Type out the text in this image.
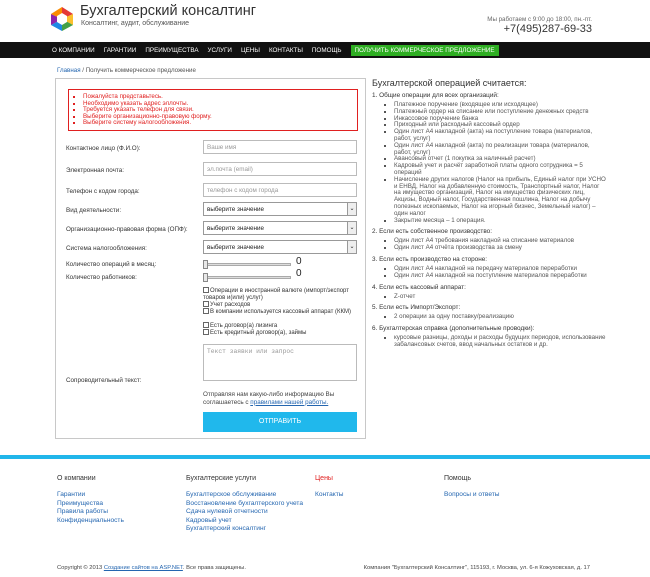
Бухгалтерский консалтинг
Консалтинг, аудит, обслуживание
Мы работаем с 9:00 до 18:00, пн.-пт.
+7(495)287-69-33
О КОМПАНИИ ГАРАНТИИ ПРЕИМУЩЕСТВА УСЛУГИ ЦЕНЫ КОНТАКТЫ ПОМОЩЬ	ПОЛУЧИТЬ КОММЕРЧЕСКОЕ ПРЕДЛОЖЕНИЕ
Главная / Получить коммерческое предложение
▪ Пожалуйста представьтесь.
▪ Необходимо указать адрес эллочты.
▪ Требуется указать телефон для связи.
▪ Выберите организационно-правовую форму.
▪ Выберите систему налогообложения.
Контактное лицо (Ф.И.О):	Ваше имя
Электронная почта:	эл.почта (email)
Телефон с кодом города:	телефон с кодом города
Вид деятельности:	выберите значение	⌄
Организационно-правовая форма (ОПФ):	выберите значение	⌄
Система налогообложения:	выберите значение	⌄
Количество операций в месяц:	0
Количество работников:	0
Операции в иностранной валюте (импорт/экспорт товаров и(или) услуг)
Учет расходов
В компании используется кассовый аппарат (ККМ)
Есть договор(а) лизинга
Есть кредитный договор(а), займы
Текст заявки или запрос
Сопроводительный текст:
Отправляя нам какую-либо информацию Вы соглашаетесь с правилами нашей работы.
ОТПРАВИТЬ
Бухгалтерской операцией считается:
1. Общие операции для всех организаций:
▪ Платежное поручение (входящее или исходящее)
▪ Платежный ордер на списание или поступление денежных средств
▪ Инкассовое поручение банка
▪ Приходный или расходный кассовый ордер
▪ Один лист А4 накладной (акта) на поступление товара (материалов, работ, услуг)
▪ Один лист А4 накладной (акта) по реализации товара (материалов, работ, услуг)
▪ Авансовый отчет (1 покупка за наличный расчет)
▪ Кадровый учет и расчёт заработной платы одного сотрудника = 5 операций
▪ Начисление других налогов (Налог на прибыль, Единый налог при УСНО и ЕНВД, Налог на добавленную стоимость, Транспортный налог, Налог на имущество организаций, Налог на имущество физических лиц, Акцизы, Водный налог, Государственная пошлина, Налог на добычу полезных ископаемых, Налог на игорный бизнес, Земельный налог) – один налог
▪ Закрытие месяца – 1 операция.
2. Если есть собственное производство:
▪ Один лист А4 требования накладной на списание материалов
▪ Один лист А4 отчёта производства за смену
3. Если есть производство на стороне:
▪ Один лист А4 накладной на передачу материалов переработки
▪ Один лист А4 накладной на поступление материалов переработки
4. Если есть кассовый аппарат:
▪ Z-отчет
5. Если есть Импорт/Экспорт:
▪ 2 операции за одну поставку/реализацию
6. Бухгалтерская справка (дополнительные проводки):
▪ курсовые разницы, доходы и расходы будущих периодов, использование забалансовых счетов, ввод начальных остатков и др.
О компании
Гарантии
Преимущества
Правила работы
Конфиденциальность
Бухгалтерские услуги
Бухгалтерское обслуживание
Восстановление бухгалтерского учета
Сдача нулевой отчетности
Кадровый учет
Бухгалтерский консалтинг
Цены
Контакты
Помощь
Вопросы и ответы
Copyright © 2013 Создание сайтов на ASP.NET. Все права защищены.	Компания "Бухгалтерский Консалтинг", 115193, г. Москва, ул. 6-я Кожуховская, д. 17
